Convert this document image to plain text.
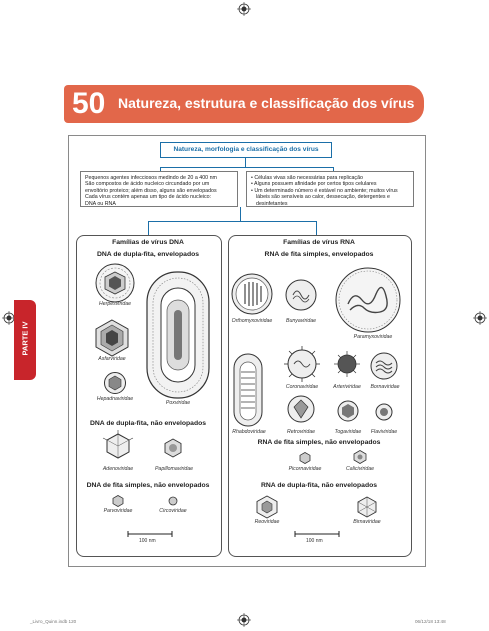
50 Natureza, estrutura e classificação dos vírus
PARTE IV
Natureza, morfologia e classificação dos vírus
Pequenos agentes infecciosos medindo de 20 a 400 nm
São compostos de ácido nucleico circundado por um
envoltório proteico; além disso, alguns são envelopados
Cada vírus contém apenas um tipo de ácido nucleico:
DNA ou RNA
• Células vivas são necessárias para replicação
• Alguns possuem afinidade por certos tipos celulares
• Um determinado número é estável no ambiente; muitos vírus
lábeis são sensíveis ao calor, dessecação, detergentes e desinfetantes
Famílias de vírus DNA
DNA de dupla-fita, envelopados
Herpesviridae
Asfarviridae
Hepadnaviridae
Poxviridae
DNA de dupla-fita, não envelopados
Adenoviridae	Papillomaviridae
DNA de fita simples, não envelopados
Parvoviridae	Circoviridae
100 nm
Famílias de vírus RNA
RNA de fita simples, envelopados
Orthomyxoviridae	Bunyaviridae
Paramyxoviridae
Coronaviridae	Arteriviridae	Bornaviridae
Rhabdoviridae	Retroviridae	Togaviridae	Flaviviridae
RNA de fita simples, não envelopados
Picornaviridae	Caliciviridae
RNA de dupla-fita, não envelopados
Reoviridae	Birnaviridae
100 nm
_Livro_Quinn.indb 120	06/12/18 13:48
